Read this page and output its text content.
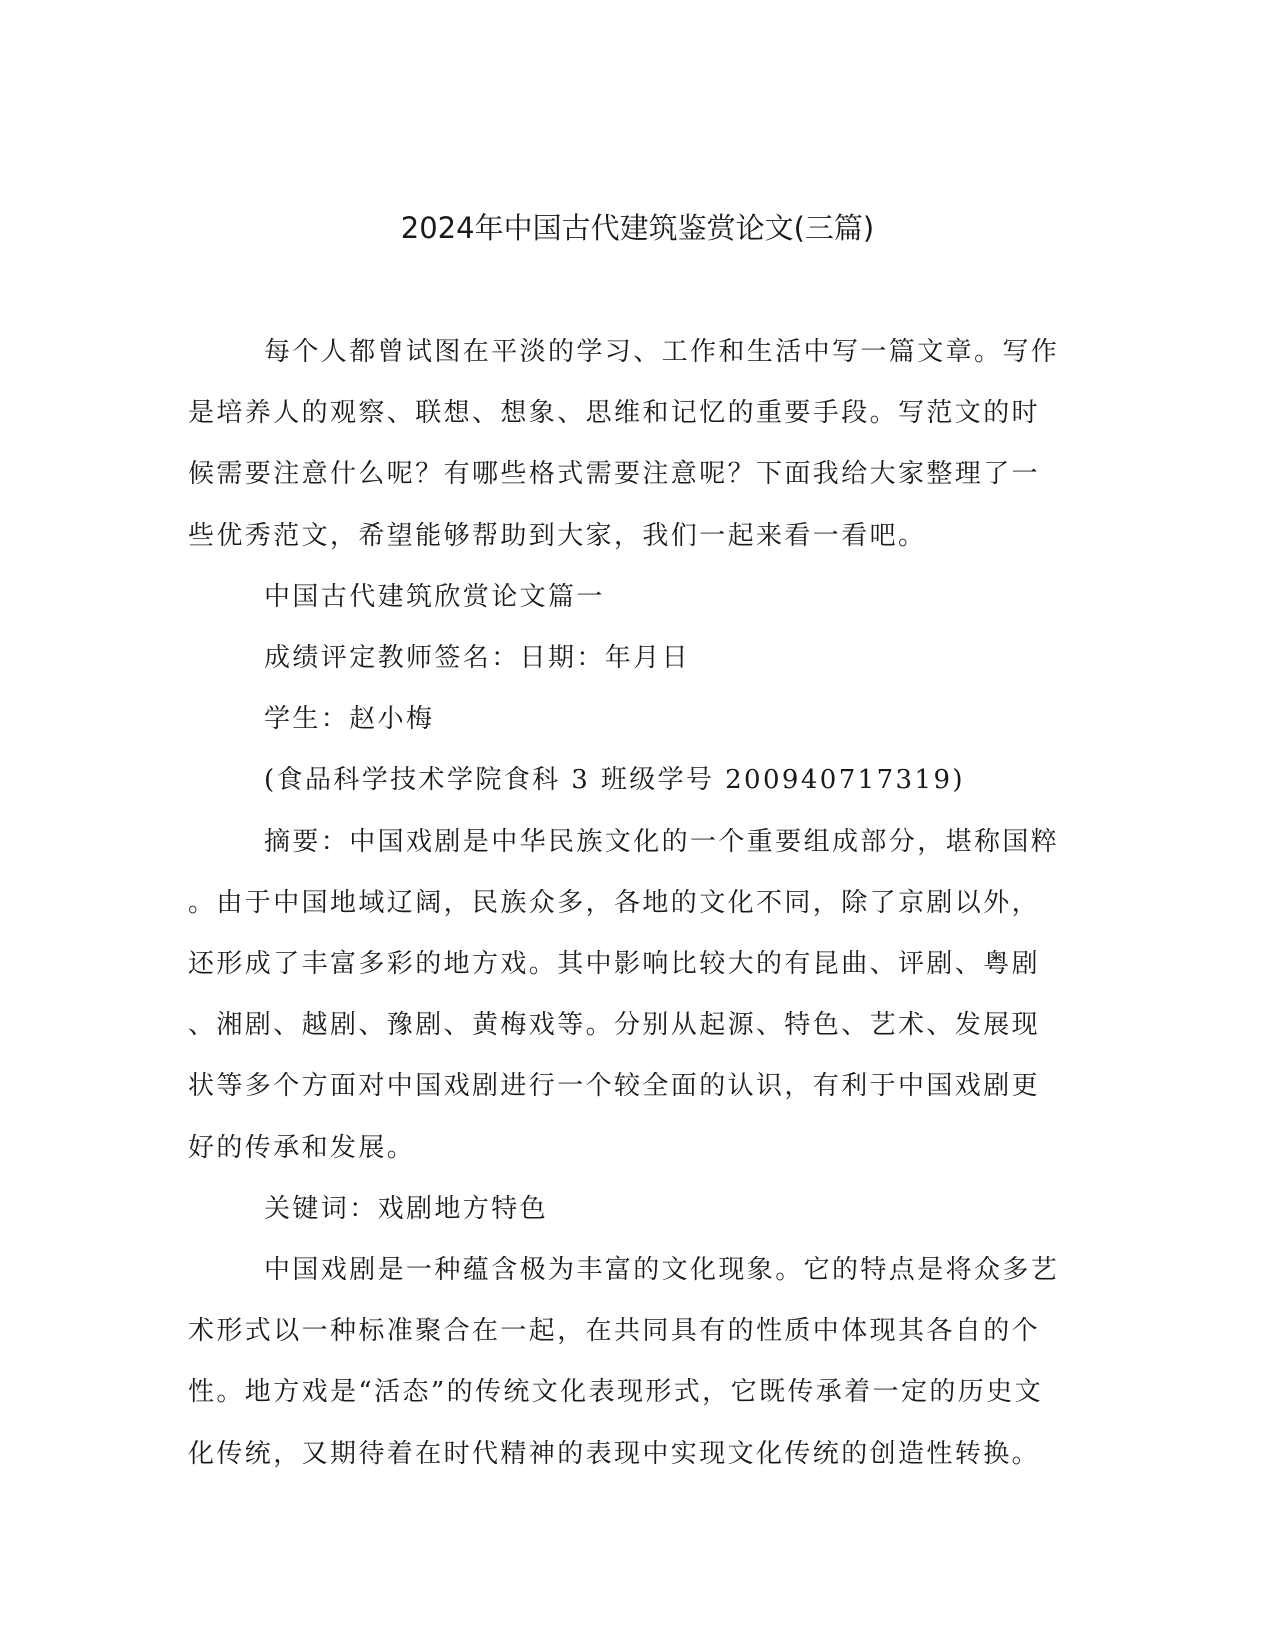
2024年中国古代建筑鉴赏论文(三篇)

每个人都曾试图在平淡的学习、工作和生活中写一篇文章。写作
是培养人的观察、联想、想象、思维和记忆的重要手段。写范文的时
候需要注意什么呢？有哪些格式需要注意呢？下面我给大家整理了一
些优秀范文，希望能够帮助到大家，我们一起来看一看吧。

中国古代建筑欣赏论文篇一

成绩评定教师签名：日期：年月日

学生：赵小梅

(食品科学技术学院食科 3 班级学号 200940717319)

摘要：中国戏剧是中华民族文化的一个重要组成部分，堪称国粹
。由于中国地域辽阔，民族众多，各地的文化不同，除了京剧以外，
还形成了丰富多彩的地方戏。其中影响比较大的有昆曲、评剧、粤剧
、湘剧、越剧、豫剧、黄梅戏等。分别从起源、特色、艺术、发展现
状等多个方面对中国戏剧进行一个较全面的认识，有利于中国戏剧更
好的传承和发展。

关键词：戏剧地方特色

中国戏剧是一种蕴含极为丰富的文化现象。它的特点是将众多艺
术形式以一种标准聚合在一起，在共同具有的性质中体现其各自的个
性。地方戏是“活态”的传统文化表现形式，它既传承着一定的历史文
化传统，又期待着在时代精神的表现中实现文化传统的创造性转换。
